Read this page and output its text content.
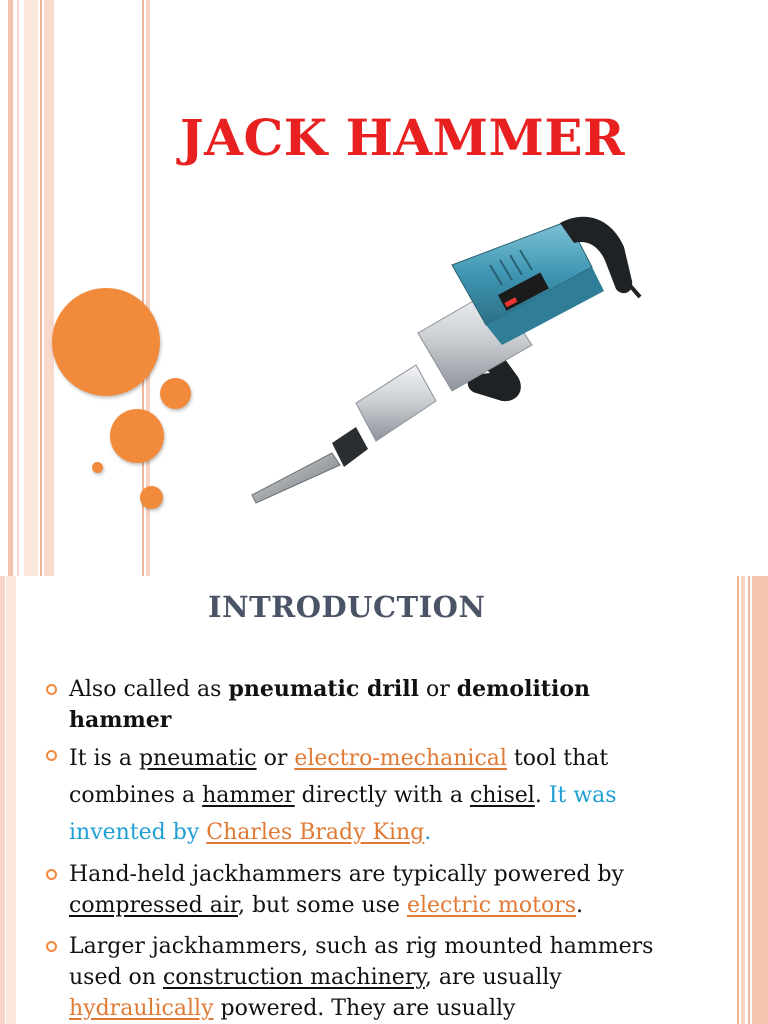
JACK HAMMER
INTRODUCTION
Also called as pneumatic drill or demolition hammer
It is a pneumatic or electro-mechanical tool that combines a hammer directly with a chisel. It was invented by Charles Brady King.
Hand-held jackhammers are typically powered by compressed air, but some use electric motors.
Larger jackhammers, such as rig mounted hammers used on construction machinery, are usually hydraulically powered. They are usually
